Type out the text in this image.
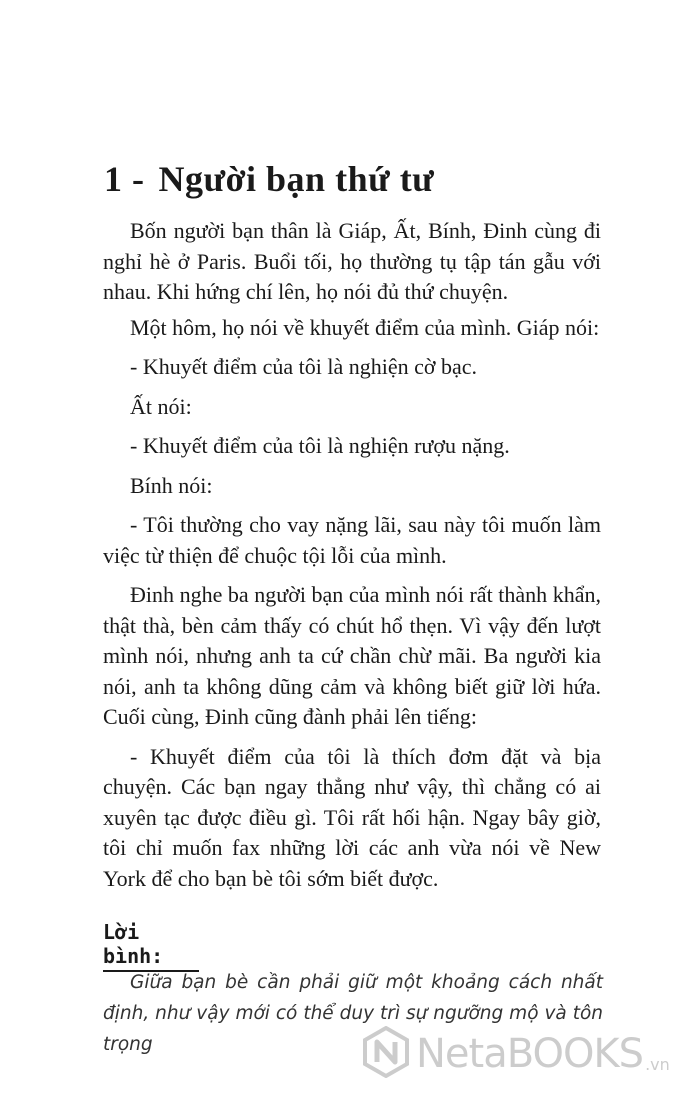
1 - Người bạn thứ tư

Bốn người bạn thân là Giáp, Ất, Bính, Đinh cùng đi nghỉ hè ở Paris. Buổi tối, họ thường tụ tập tán gẫu với nhau. Khi hứng chí lên, họ nói đủ thứ chuyện.

Một hôm, họ nói về khuyết điểm của mình. Giáp nói:

- Khuyết điểm của tôi là nghiện cờ bạc.

Ất nói:

- Khuyết điểm của tôi là nghiện rượu nặng.

Bính nói:

- Tôi thường cho vay nặng lãi, sau này tôi muốn làm việc từ thiện để chuộc tội lỗi của mình.

Đinh nghe ba người bạn của mình nói rất thành khẩn, thật thà, bèn cảm thấy có chút hổ thẹn. Vì vậy đến lượt mình nói, nhưng anh ta cứ chần chừ mãi. Ba người kia nói, anh ta không dũng cảm và không biết giữ lời hứa. Cuối cùng, Đinh cũng đành phải lên tiếng:

- Khuyết điểm của tôi là thích đơm đặt và bịa chuyện. Các bạn ngay thẳng như vậy, thì chẳng có ai xuyên tạc được điều gì. Tôi rất hối hận. Ngay bây giờ, tôi chỉ muốn fax những lời các anh vừa nói về New York để cho bạn bè tôi sớm biết được.

Lời bình:

Giữa bạn bè cần phải giữ một khoảng cách nhất định, như vậy mới có thể duy trì sự ngưỡng mộ và tôn trọng	NetaBOOKS .vn
